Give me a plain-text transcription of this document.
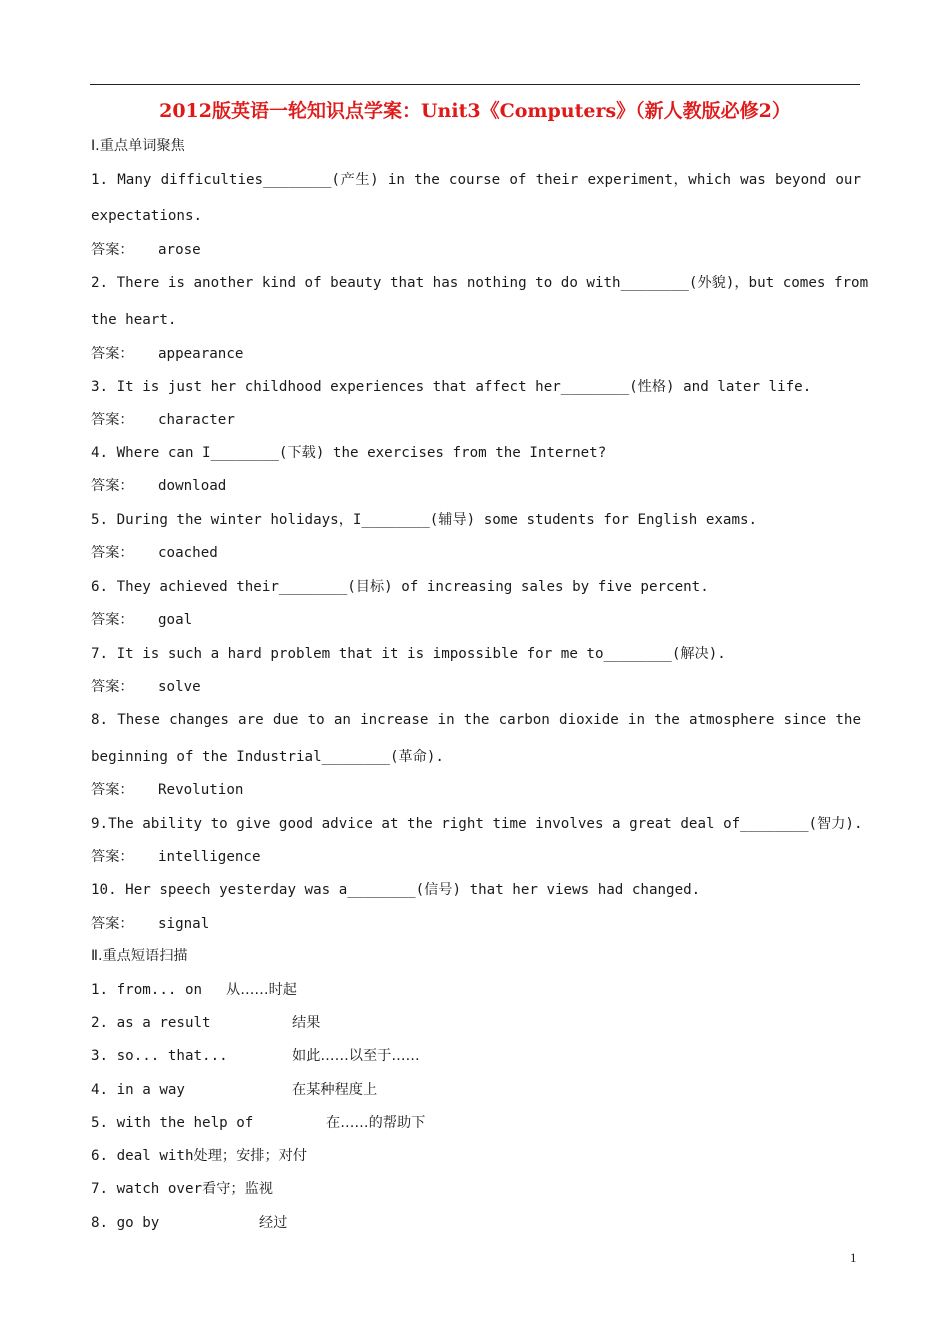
2012版英语一轮知识点学案：Unit3《Computers》（新人教版必修2）
Ⅰ.重点单词聚焦
1. Many difficulties________(产生) in the course of their experiment，which was beyond our
expectations.
答案： arose
2. There is another kind of beauty that has nothing to do with________(外貌)，but comes from
the heart.
答案： appearance
3. It is just her childhood experiences that affect her________(性格) and later life.
答案： character
4. Where can I________(下载) the exercises from the Internet?
答案： download
5. During the winter holidays，I________(辅导) some students for English exams.
答案： coached
6. They achieved their________(目标) of increasing sales by five percent.
答案： goal
7. It is such a hard problem that it is impossible for me to________(解决).
答案： solve
8. These changes are due to an increase in the carbon dioxide in the atmosphere since the
beginning of the Industrial________(革命).
答案： Revolution
9.The ability to give good advice at the right time involves a great deal of________(智力).
答案： intelligence
10. Her speech yesterday was a________(信号) that her views had changed.
答案： signal
Ⅱ.重点短语扫描
1. from... on 从……时起
2. as a result	结果
3. so... that...	如此……以至于……
4. in a way	在某种程度上
5. with the help of	在……的帮助下
6. deal with处理；安排；对付
7. watch over看守；监视
8. go by	经过
1
